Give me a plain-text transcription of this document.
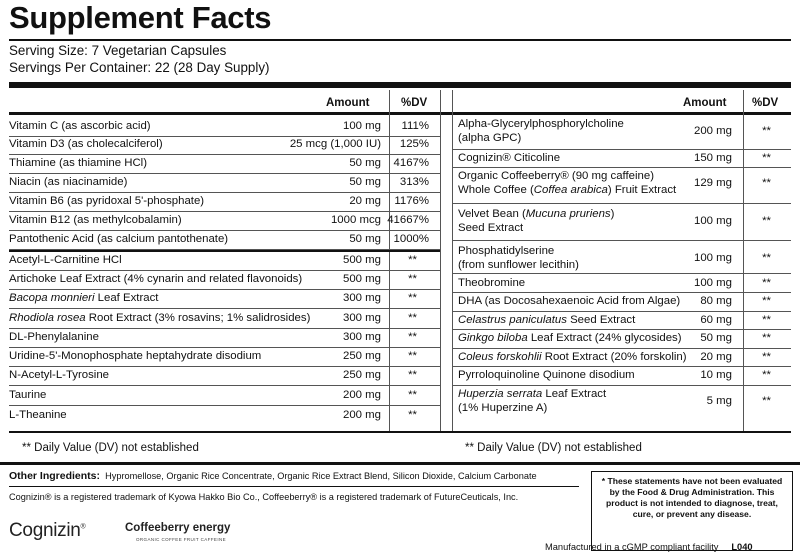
Supplement Facts
Serving Size: 7 Vegetarian Capsules
Servings Per Container: 22 (28 Day Supply)
Amount	%DV	Amount %DV
Vitamin C (as ascorbic acid)	100 mg	111%
Vitamin D3 (as cholecalciferol)	25 mcg (1,000 IU)	125%
Thiamine (as thiamine HCl)	50 mg	4167%
Niacin (as niacinamide)	50 mg	313%
Vitamin B6 (as pyridoxal 5'-phosphate)	20 mg	1176%
Vitamin B12 (as methylcobalamin)	1000 mcg 41667%
Pantothenic Acid (as calcium pantothenate)	50 mg	1000%
Acetyl-L-Carnitine HCl	500 mg	**
Artichoke Leaf Extract (4% cynarin and related flavonoids)	500 mg	**
Bacopa monnieri Leaf Extract	300 mg	**
Rhodiola rosea Root Extract (3% rosavins; 1% salidrosides)	300 mg	**
DL-Phenylalanine	300 mg	**
Uridine-5'-Monophosphate heptahydrate disodium	250 mg	**
N-Acetyl-L-Tyrosine	250 mg	**
Taurine	200 mg	**
L-Theanine	200 mg	**
Alpha-Glycerylphosphorylcholine
(alpha GPC)
200 mg	**
Cognizin® Citicoline	150 mg	**
Organic Coffeeberry® (90 mg caffeine)
Whole Coffee (Coffea arabica) Fruit Extract
129 mg	**
Velvet Bean (Mucuna pruriens)
Seed Extract
100 mg	**
Phosphatidylserine
(from sunflower lecithin)
100 mg	**
Theobromine	100 mg	**
DHA (as Docosahexaenoic Acid from Algae)	80 mg	**
Celastrus paniculatus Seed Extract	60 mg	**
Ginkgo biloba Leaf Extract (24% glycosides)	50 mg	**
Coleus forskohlii Root Extract (20% forskolin)	20 mg	**
Pyrroloquinoline Quinone disodium	10 mg	**
Huperzia serrata Leaf Extract
(1% Huperzine A)
5 mg	**
** Daily Value (DV) not established	** Daily Value (DV) not established
Other Ingredients: Hypromellose, Organic Rice Concentrate, Organic Rice Extract Blend, Silicon Dioxide, Calcium Carbonate
Cognizin® is a registered trademark of Kyowa Hakko Bio Co., Coffeeberry® is a registered trademark of FutureCeuticals, Inc.
* These statements have not been evaluated by the Food & Drug Administration. This product is not intended to diagnose, treat, cure, or prevent any disease.
Cognizin®	Coffeeberry energy
ORGANIC COFFEE FRUIT CAFFEINE
Manufactured in a cGMP compliant facility L040
